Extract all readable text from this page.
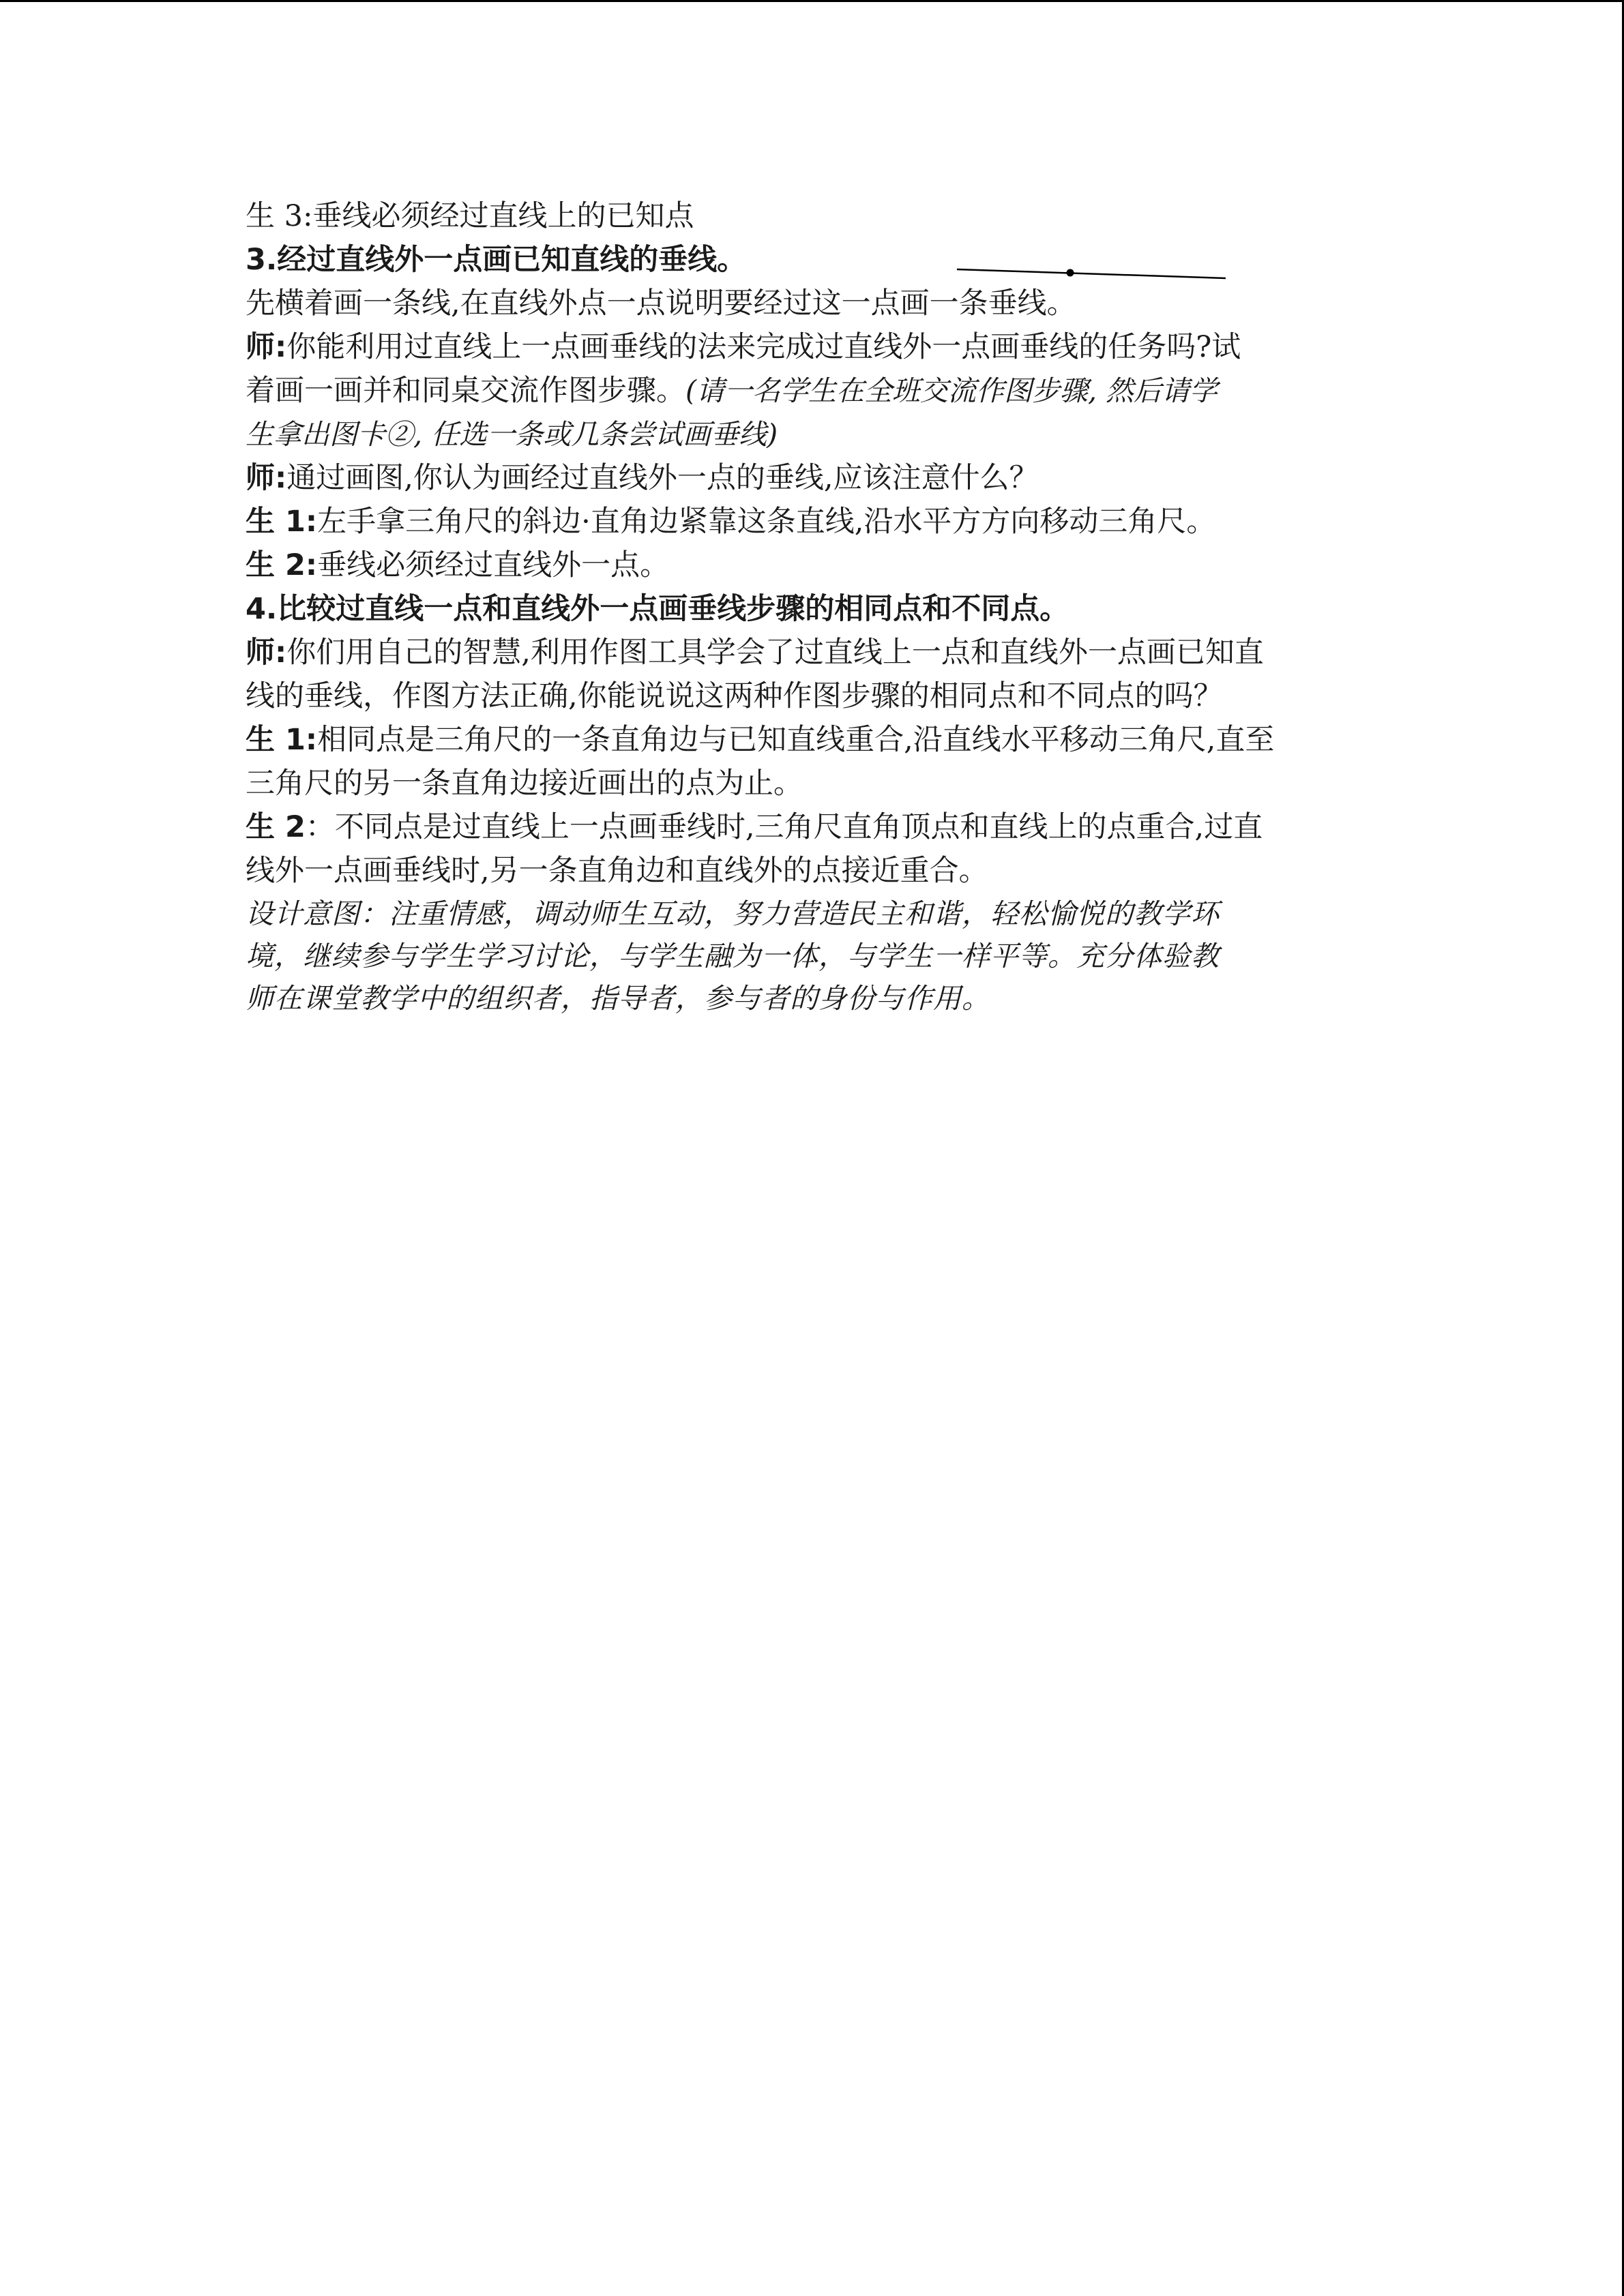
生 3:垂线必须经过直线上的已知点

3.经过直线外一点画已知直线的垂线。

先横着画一条线,在直线外点一点说明要经过这一点画一条垂线。

师:你能利用过直线上一点画垂线的法来完成过直线外一点画垂线的任务吗?试

着画一画并和同桌交流作图步骤。(请一名学生在全班交流作图步骤, 然后请学

生拿出图卡②, 任选一条或几条尝试画垂线)

师:通过画图,你认为画经过直线外一点的垂线,应该注意什么？

生 1:左手拿三角尺的斜边·直角边紧靠这条直线,沿水平方方向移动三角尺。

生 2:垂线必须经过直线外一点。

4.比较过直线一点和直线外一点画垂线步骤的相同点和不同点。

师:你们用自己的智慧,利用作图工具学会了过直线上一点和直线外一点画已知直

线的垂线，作图方法正确,你能说说这两种作图步骤的相同点和不同点的吗？

生 1:相同点是三角尺的一条直角边与已知直线重合,沿直线水平移动三角尺,直至

三角尺的另一条直角边接近画出的点为止。

生 2：不同点是过直线上一点画垂线时,三角尺直角顶点和直线上的点重合,过直

线外一点画垂线时,另一条直角边和直线外的点接近重合。

设计意图：注重情感，调动师生互动，努力营造民主和谐，轻松愉悦的教学环

境，继续参与学生学习讨论，与学生融为一体，与学生一样平等。充分体验教

师在课堂教学中的组织者，指导者，参与者的身份与作用。
